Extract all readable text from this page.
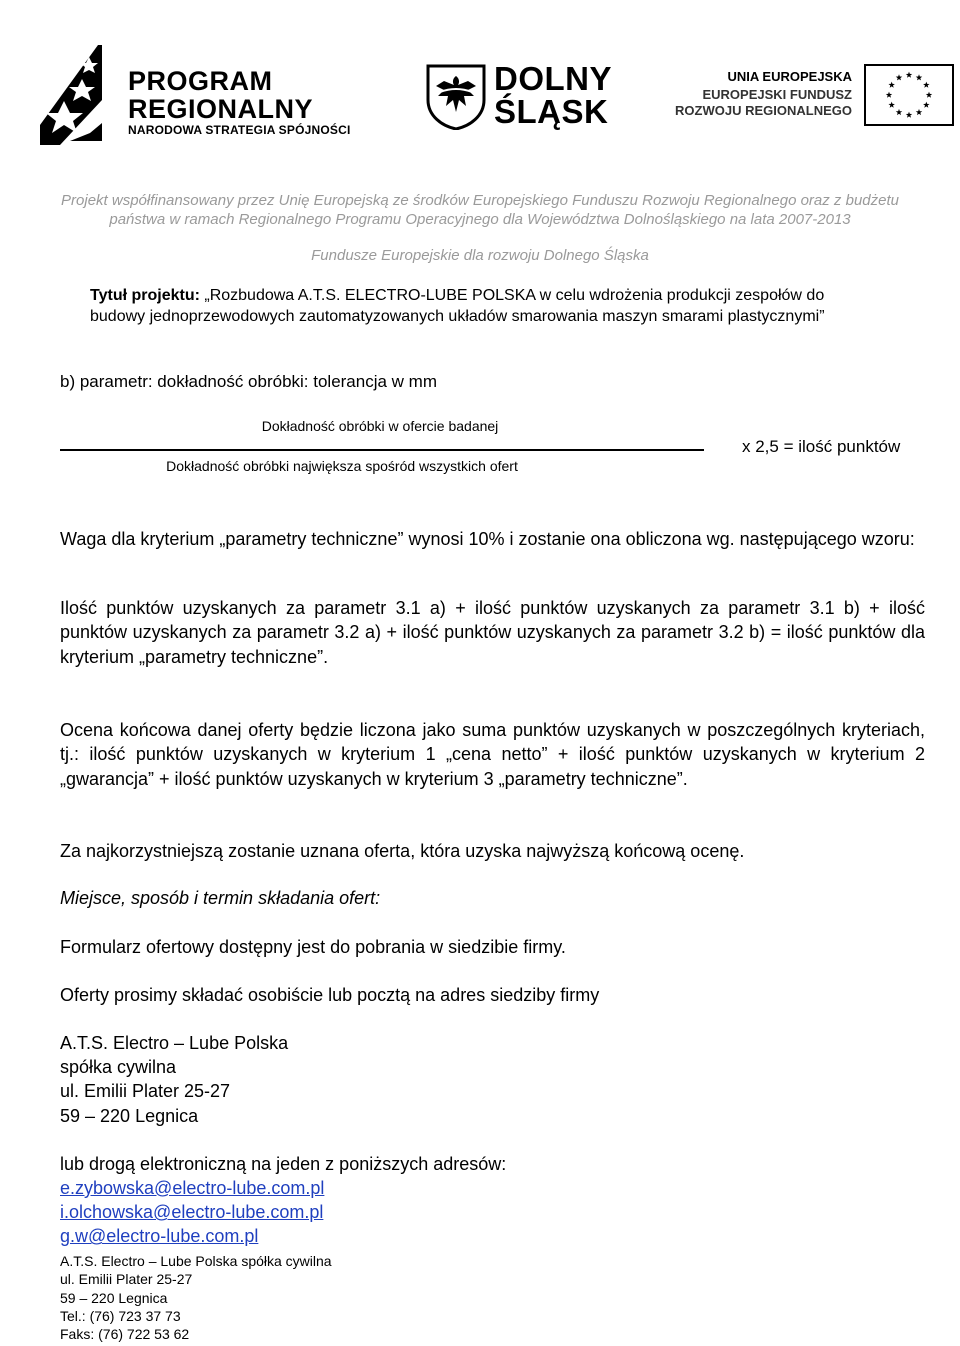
PROGRAM
REGIONALNY
NARODOWA STRATEGIA SPÓJNOŚCI
DOLNY
ŚLĄSK
UNIA EUROPEJSKA
EUROPEJSKI FUNDUSZ
ROZWOJU REGIONALNEGO
Projekt współfinansowany przez Unię Europejską ze środków Europejskiego Funduszu Rozwoju Regionalnego oraz z budżetu
państwa w ramach Regionalnego Programu Operacyjnego dla Województwa Dolnośląskiego na lata 2007-2013
Fundusze Europejskie dla rozwoju Dolnego Śląska
Tytuł projektu: „Rozbudowa A.T.S. ELECTRO-LUBE POLSKA w celu wdrożenia produkcji zespołów do
budowy jednoprzewodowych zautomatyzowanych układów smarowania maszyn smarami plastycznymi”
b) parametr: dokładność obróbki: tolerancja w mm
Dokładność obróbki w ofercie badanej
Dokładność obróbki największa spośród wszystkich ofert
x 2,5 = ilość punktów
Waga dla kryterium „parametry techniczne” wynosi 10% i zostanie ona obliczona wg. następującego wzoru:
Ilość punktów uzyskanych za parametr 3.1 a) + ilość punktów uzyskanych za parametr 3.1 b) + ilość punktów uzyskanych za parametr 3.2 a) + ilość punktów uzyskanych za parametr 3.2 b) = ilość punktów dla kryterium „parametry techniczne”.
Ocena końcowa danej oferty będzie liczona jako suma punktów uzyskanych w poszczególnych kryteriach, tj.: ilość punktów uzyskanych w kryterium 1 „cena netto” + ilość punktów uzyskanych w kryterium 2 „gwarancja” + ilość punktów uzyskanych w kryterium 3 „parametry techniczne”.
Za najkorzystniejszą zostanie uznana oferta, która uzyska najwyższą końcową ocenę.
Miejsce, sposób i termin składania ofert:
Formularz ofertowy dostępny jest do pobrania w siedzibie firmy.
Oferty prosimy składać osobiście lub pocztą na adres siedziby firmy
A.T.S. Electro – Lube Polska
spółka cywilna
ul. Emilii Plater 25-27
59 – 220 Legnica
lub drogą elektroniczną na jeden z poniższych adresów:
e.zybowska@electro-lube.com.pl
i.olchowska@electro-lube.com.pl
g.w@electro-lube.com.pl
A.T.S. Electro – Lube Polska spółka cywilna
ul. Emilii Plater 25-27
59 – 220 Legnica
Tel.: (76) 723 37 73
Faks: (76) 722 53 62
